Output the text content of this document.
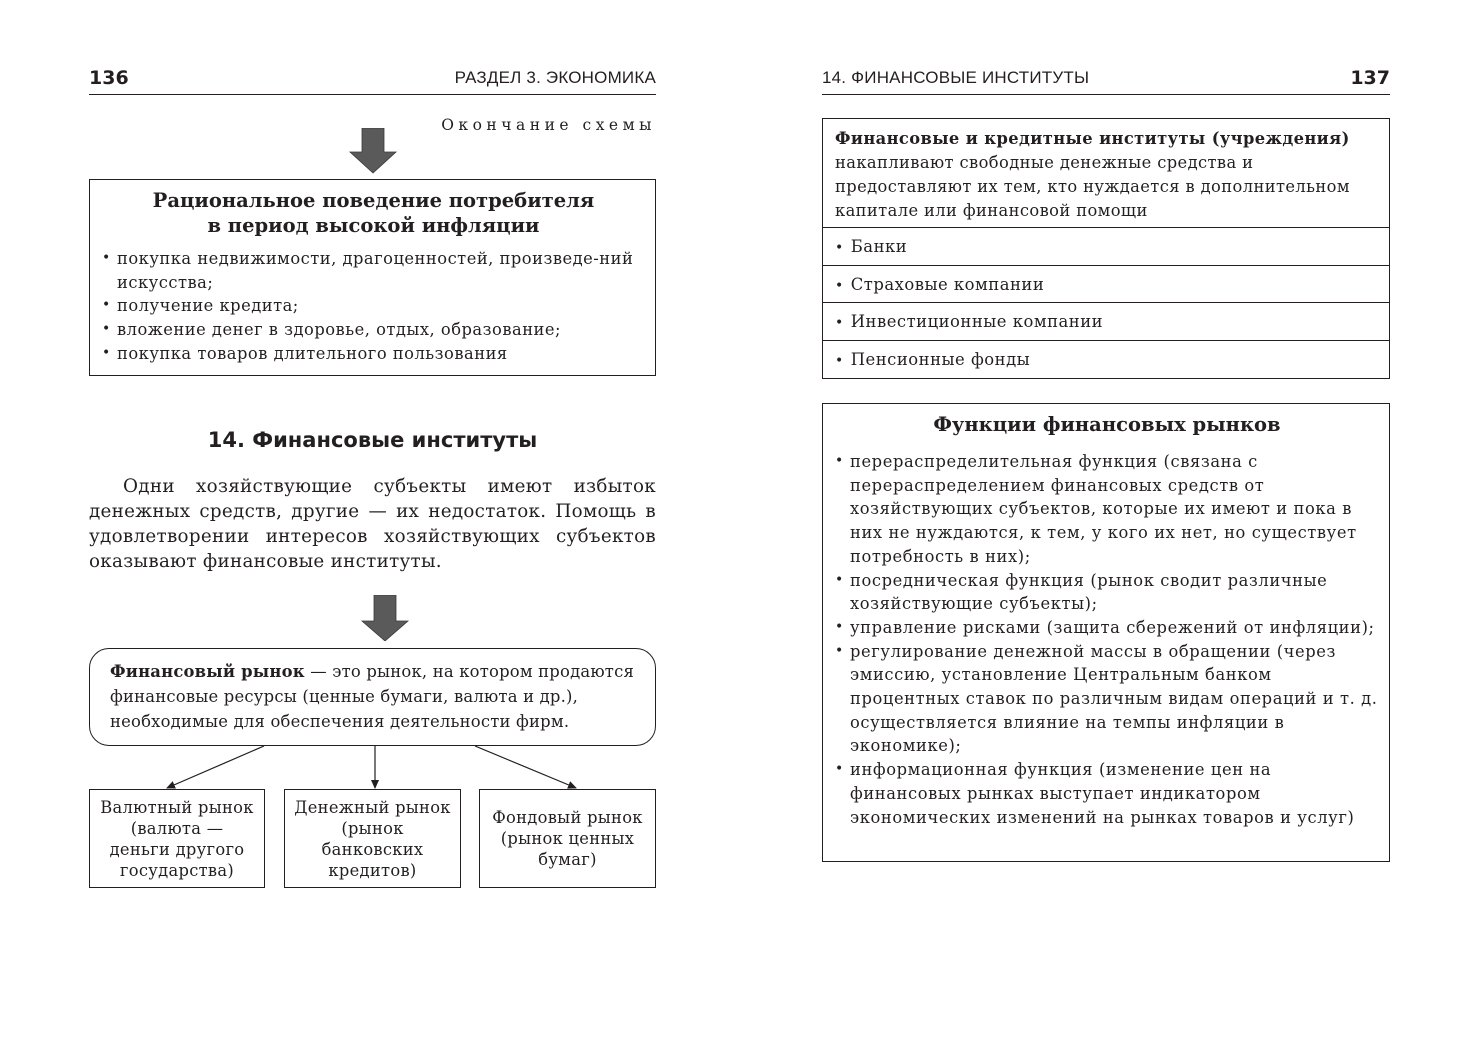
136	РАЗДЕЛ 3. ЭКОНОМИКА
Окончание схемы
Рациональное поведение потребителя
в период высокой инфляции
• покупка недвижимости, драгоценностей, произведе-ний искусства;
• получение кредита;
• вложение денег в здоровье, отдых, образование;
• покупка товаров длительного пользования
14. Финансовые институты

Одни хозяйствующие субъекты имеют избыток денежных средств, другие — их недостаток. Помощь в удовлетворении интересов хозяйствующих субъектов оказывают финансовые институты.

Финансовый рынок — это рынок, на котором продаются финансовые ресурсы (ценные бумаги, валюта и др.), необходимые для обеспечения деятельности фирм.
Валютный рынок (валюта — деньги другого государства)
Денежный рынок (рынок банковских кредитов)
Фондовый рынок (рынок ценных бумаг)
14. ФИНАНСОВЫЕ ИНСТИТУТЫ	137
Финансовые и кредитные институты (учреждения) накапливают свободные денежные средства и предоставляют их тем, кто нуждается в дополнительном капитале или финансовой помощи
• Банки
• Страховые компании
• Инвестиционные компании
• Пенсионные фонды
Функции финансовых рынков
• перераспределительная функция (связана с перераспределением финансовых средств от хозяйствующих субъектов, которые их имеют и пока в них не нуждаются, к тем, у кого их нет, но существует потребность в них);
• посредническая функция (рынок сводит различные хозяйствующие субъекты);
• управление рисками (защита сбережений от инфляции);
• регулирование денежной массы в обращении (через эмиссию, установление Центральным банком процентных ставок по различным видам операций и т. д. осуществляется влияние на темпы инфляции в экономике);
• информационная функция (изменение цен на финансовых рынках выступает индикатором экономических изменений на рынках товаров и услуг)
